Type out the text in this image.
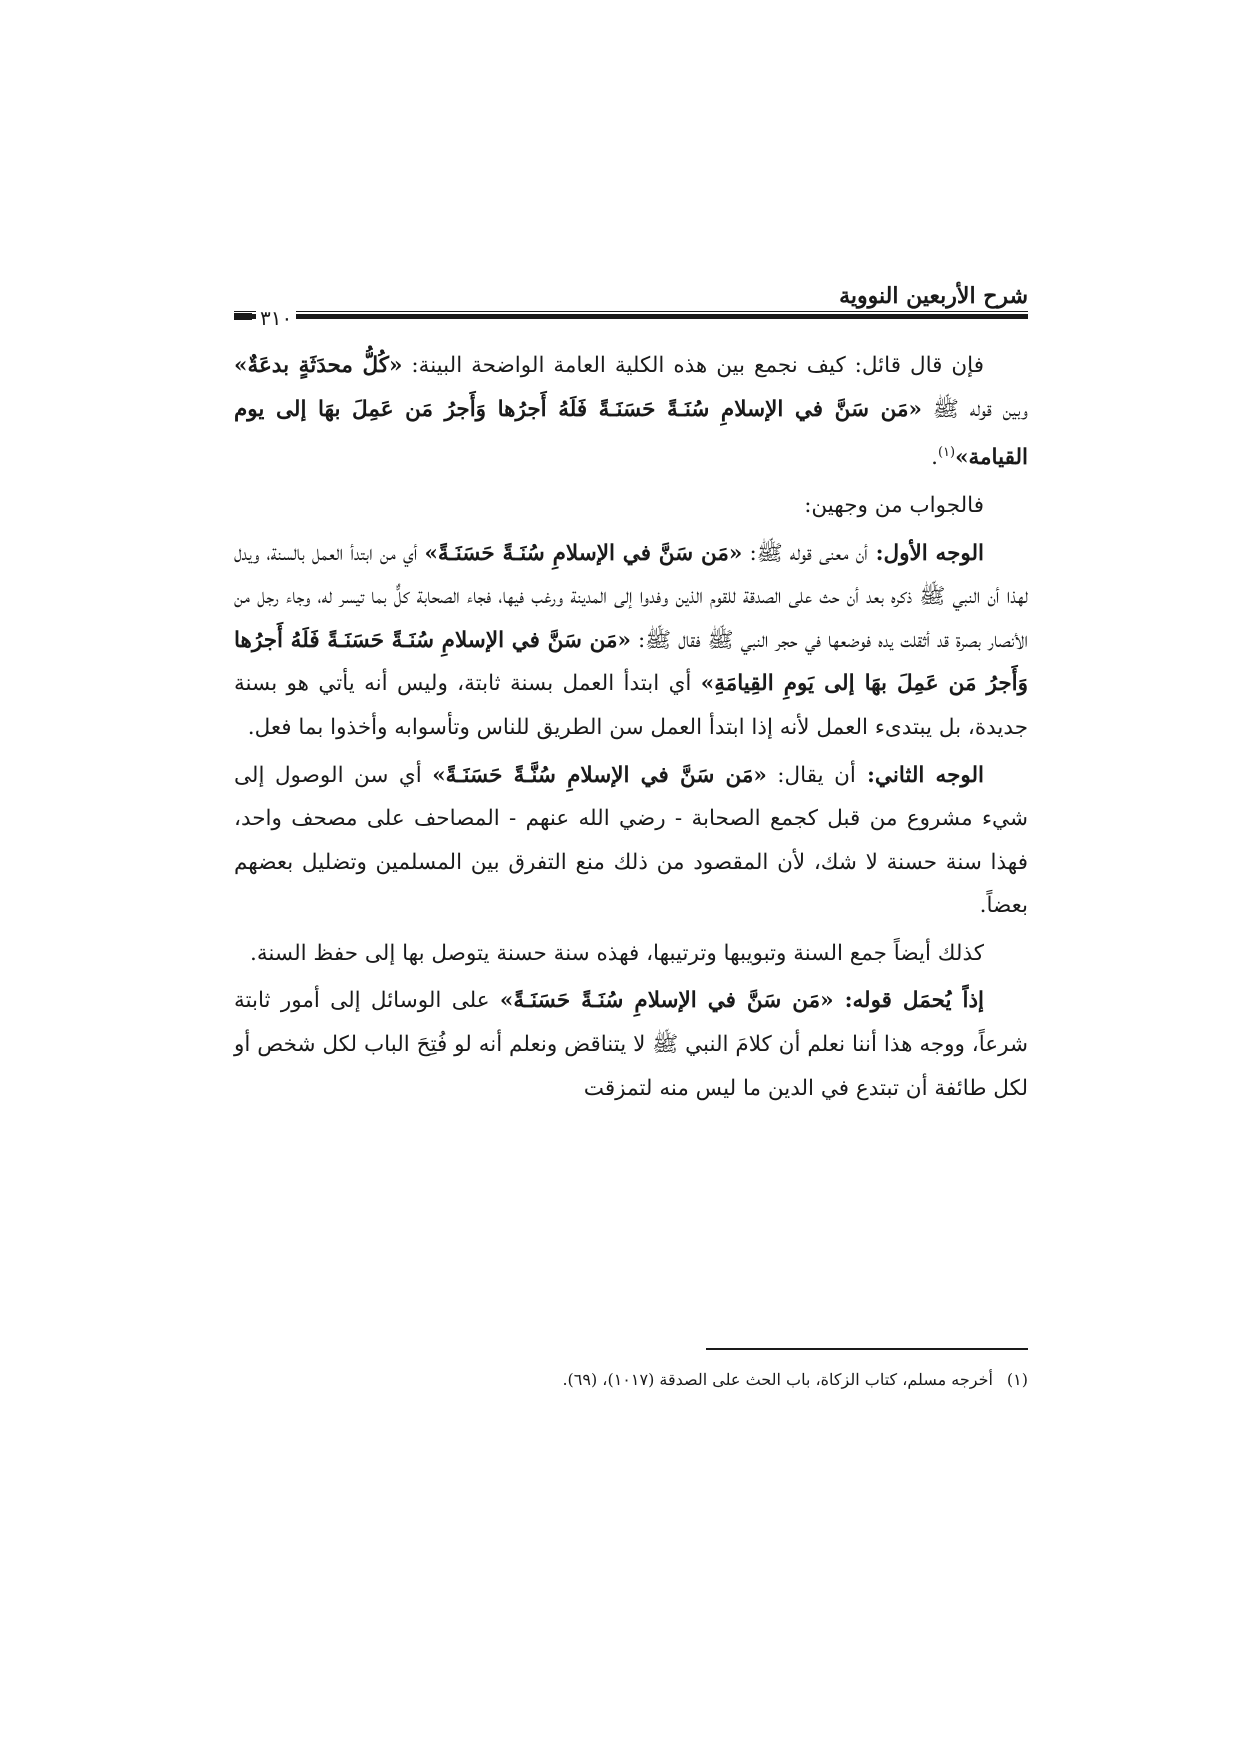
شرح الأربعين النووية
٣١٠

فإن قال قائل: كيف نجمع بين هذه الكلية العامة الواضحة البينة: «كُلُّ محدَثَةٍ بدعَةٌ» وبين قوله ﷺ «مَن سَنَّ في الإسلامِ سُنَـةً حَسَنَـةً فَلَهُ أَجرُها وَأَجرُ مَن عَمِلَ بهَا إلى يوم القيامة»$^{(١)}$.

فالجواب من وجهين:

الوجه الأول: أن معنى قوله ﷺ: «مَن سَنَّ في الإسلامِ سُنَـةً حَسَنَـةً» أي من ابتدأ العمل بالسنة، ويدل لهذا أن النبي ﷺ ذكره بعد أن حث على الصدقة للقوم الذين وفدوا إلى المدينة ورغب فيها، فجاء الصحابة كلٌّ بما تيسر له، وجاء رجل من الأنصار بصرة قد أثقلت يده فوضعها في حجر النبي ﷺ فقال ﷺ: «مَن سَنَّ في الإسلامِ سُنَـةً حَسَنَـةً فَلَهُ أَجرُها وَأَجرُ مَن عَمِلَ بهَا إلى يَومِ القِيامَةِ» أي ابتدأ العمل بسنة ثابتة، وليس أنه يأتي هو بسنة جديدة، بل يبتدىء العمل لأنه إذا ابتدأ العمل سن الطريق للناس وتأسوابه وأخذوا بما فعل.

الوجه الثاني: أن يقال: «مَن سَنَّ في الإسلامِ سُنَّـةً حَسَنَـةً» أي سن الوصول إلى شيء مشروع من قبل كجمع الصحابة - رضي الله عنهم - المصاحف على مصحف واحد، فهذا سنة حسنة لا شك، لأن المقصود من ذلك منع التفرق بين المسلمين وتضليل بعضهم بعضاً.

كذلك أيضاً جمع السنة وتبويبها وترتيبها، فهذه سنة حسنة يتوصل بها إلى حفظ السنة.

إذاً يُحمَل قوله: «مَن سَنَّ في الإسلامِ سُنَـةً حَسَنَـةً» على الوسائل إلى أمور ثابتة شرعاً، ووجه هذا أننا نعلم أن كلامَ النبي ﷺ لا يتناقض ونعلم أنه لو فُتِحَ الباب لكل شخص أو لكل طائفة أن تبتدع في الدين ما ليس منه لتمزقت

(١)أخرجه مسلم، كتاب الزكاة، باب الحث على الصدقة (١٠١٧)، (٦٩).
